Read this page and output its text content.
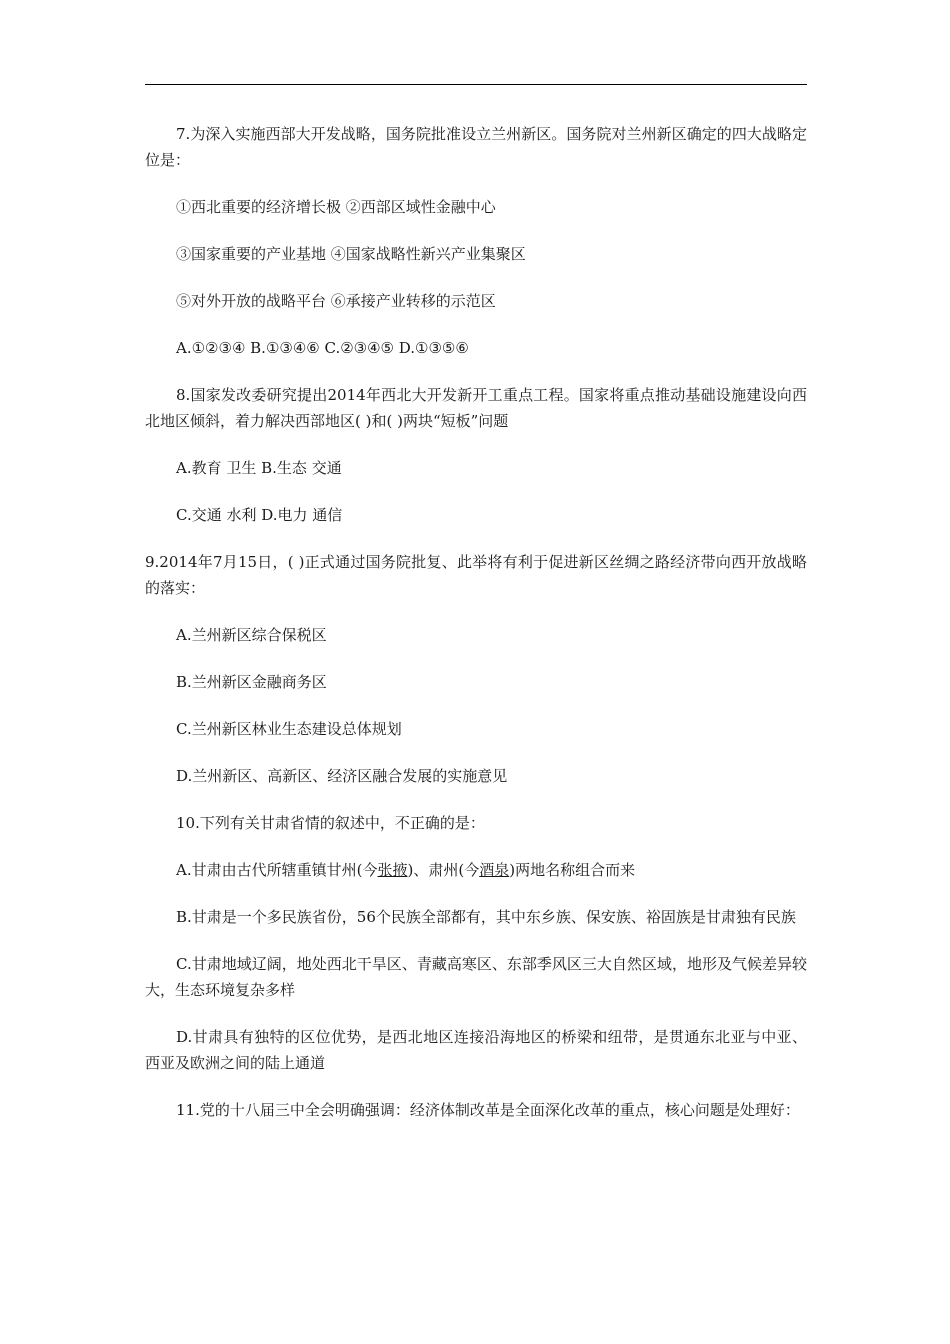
7.为深入实施西部大开发战略，国务院批准设立兰州新区。国务院对兰州新区确定的四大战略定位是：

①西北重要的经济增长极 ②西部区域性金融中心

③国家重要的产业基地 ④国家战略性新兴产业集聚区

⑤对外开放的战略平台 ⑥承接产业转移的示范区

A.①②③④ B.①③④⑥ C.②③④⑤ D.①③⑤⑥

8.国家发改委研究提出2014年西北大开发新开工重点工程。国家将重点推动基础设施建设向西北地区倾斜，着力解决西部地区( )和( )两块“短板”问题

A.教育 卫生 B.生态 交通

C.交通 水利 D.电力 通信

9.2014年7月15日，( )正式通过国务院批复、此举将有利于促进新区丝绸之路经济带向西开放战略的落实：

A.兰州新区综合保税区

B.兰州新区金融商务区

C.兰州新区林业生态建设总体规划

D.兰州新区、高新区、经济区融合发展的实施意见

10.下列有关甘肃省情的叙述中，不正确的是：

A.甘肃由古代所辖重镇甘州(今张掖)、肃州(今酒泉)两地名称组合而来

B.甘肃是一个多民族省份，56个民族全部都有，其中东乡族、保安族、裕固族是甘肃独有民族

C.甘肃地域辽阔，地处西北干旱区、青藏高寒区、东部季风区三大自然区域，地形及气候差异较大，生态环境复杂多样

D.甘肃具有独特的区位优势，是西北地区连接沿海地区的桥梁和纽带，是贯通东北亚与中亚、西亚及欧洲之间的陆上通道

11.党的十八届三中全会明确强调：经济体制改革是全面深化改革的重点，核心问题是处理好：
